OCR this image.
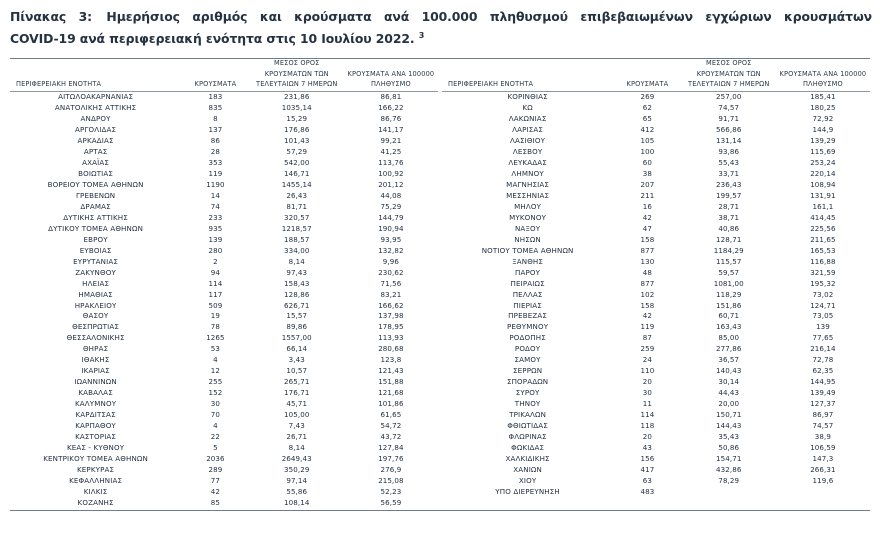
Πίνακας 3: Ημερήσιος αριθμός και κρούσματα ανά 100.000 πληθυσμού επιβεβαιωμένων εγχώριων κρουσμάτων
COVID-19 ανά περιφερειακή ενότητα στις 10 Ιουλίου 2022. $^3$
		ΜΕΣΟΣ ΟΡΟΣ	
		ΚΡΟΥΣΜΑΤΩΝ ΤΩΝ	ΚΡΟΥΣΜΑΤΑ ΑΝΑ 100000
ΠΕΡΙΦΕΡΕΙΑΚΗ ΕΝΟΤΗΤΑ	ΚΡΟΥΣΜΑΤΑ	ΤΕΛΕΥΤΑΙΩΝ 7 ΗΜΕΡΩΝ	ΠΛΗΘΥΣΜΟ
ΑΙΤΩΛΟΑΚΑΡΝΑΝΙΑΣ	183	231,86	86,81
ΑΝΑΤΟΛΙΚΗΣ ΑΤΤΙΚΗΣ	835	1035,14	166,22
ΑΝΔΡΟΥ	8	15,29	86,76
ΑΡΓΟΛΙΔΑΣ	137	176,86	141,17
ΑΡΚΑΔΙΑΣ	86	101,43	99,21
ΑΡΤΑΣ	28	57,29	41,25
ΑΧΑΪΑΣ	353	542,00	113,76
ΒΟΙΩΤΙΑΣ	119	146,71	100,92
ΒΟΡΕΙΟΥ ΤΟΜΕΑ ΑΘΗΝΩΝ	1190	1455,14	201,12
ΓΡΕΒΕΝΩΝ	14	26,43	44,08
ΔΡΑΜΑΣ	74	81,71	75,29
ΔΥΤΙΚΗΣ ΑΤΤΙΚΗΣ	233	320,57	144,79
ΔΥΤΙΚΟΥ ΤΟΜΕΑ ΑΘΗΝΩΝ	935	1218,57	190,94
ΕΒΡΟΥ	139	188,57	93,95
ΕΥΒΟΙΑΣ	280	334,00	132,82
ΕΥΡΥΤΑΝΙΑΣ	2	8,14	9,96
ΖΑΚΥΝΘΟΥ	94	97,43	230,62
ΗΛΕΙΑΣ	114	158,43	71,56
ΗΜΑΘΙΑΣ	117	128,86	83,21
ΗΡΑΚΛΕΙΟΥ	509	626,71	166,62
ΘΑΣΟΥ	19	15,57	137,98
ΘΕΣΠΡΩΤΙΑΣ	78	89,86	178,95
ΘΕΣΣΑΛΟΝΙΚΗΣ	1265	1557,00	113,93
ΘΗΡΑΣ	53	66,14	280,68
ΙΘΑΚΗΣ	4	3,43	123,8
ΙΚΑΡΙΑΣ	12	10,57	121,43
ΙΩΑΝΝΙΝΩΝ	255	265,71	151,88
ΚΑΒΑΛΑΣ	152	176,71	121,68
ΚΑΛΥΜΝΟΥ	30	45,71	101,86
ΚΑΡΔΙΤΣΑΣ	70	105,00	61,65
ΚΑΡΠΑΘΟΥ	4	7,43	54,72
ΚΑΣΤΟΡΙΑΣ	22	26,71	43,72
ΚΕΑΣ - ΚΥΘΝΟΥ	5	8,14	127,84
ΚΕΝΤΡΙΚΟΥ ΤΟΜΕΑ ΑΘΗΝΩΝ	2036	2649,43	197,76
ΚΕΡΚΥΡΑΣ	289	350,29	276,9
ΚΕΦΑΛΛΗΝΙΑΣ	77	97,14	215,08
ΚΙΛΚΙΣ	42	55,86	52,23
ΚΟΖΑΝΗΣ	85	108,14	56,59
		ΜΕΣΟΣ ΟΡΟΣ	
		ΚΡΟΥΣΜΑΤΩΝ ΤΩΝ	ΚΡΟΥΣΜΑΤΑ ΑΝΑ 100000
ΠΕΡΙΦΕΡΕΙΑΚΗ ΕΝΟΤΗΤΑ	ΚΡΟΥΣΜΑΤΑ	ΤΕΛΕΥΤΑΙΩΝ 7 ΗΜΕΡΩΝ	ΠΛΗΘΥΣΜΟ
ΚΟΡΙΝΘΙΑΣ	269	257,00	185,41
ΚΩ	62	74,57	180,25
ΛΑΚΩΝΙΑΣ	65	91,71	72,92
ΛΑΡΙΣΑΣ	412	566,86	144,9
ΛΑΣΙΘΙΟΥ	105	131,14	139,29
ΛΕΣΒΟΥ	100	93,86	115,69
ΛΕΥΚΑΔΑΣ	60	55,43	253,24
ΛΗΜΝΟΥ	38	33,71	220,14
ΜΑΓΝΗΣΙΑΣ	207	236,43	108,94
ΜΕΣΣΗΝΙΑΣ	211	199,57	131,91
ΜΗΛΟΥ	16	28,71	161,1
ΜΥΚΟΝΟΥ	42	38,71	414,45
ΝΑΞΟΥ	47	40,86	225,56
ΝΗΣΩΝ	158	128,71	211,65
ΝΟΤΙΟΥ ΤΟΜΕΑ ΑΘΗΝΩΝ	877	1184,29	165,53
ΞΑΝΘΗΣ	130	115,57	116,88
ΠΑΡΟΥ	48	59,57	321,59
ΠΕΙΡΑΙΩΣ	877	1081,00	195,32
ΠΕΛΛΑΣ	102	118,29	73,02
ΠΙΕΡΙΑΣ	158	151,86	124,71
ΠΡΕΒΕΖΑΣ	42	60,71	73,05
ΡΕΘΥΜΝΟΥ	119	163,43	139
ΡΟΔΟΠΗΣ	87	85,00	77,65
ΡΟΔΟΥ	259	277,86	216,14
ΣΑΜΟΥ	24	36,57	72,78
ΣΕΡΡΩΝ	110	140,43	62,35
ΣΠΟΡΑΔΩΝ	20	30,14	144,95
ΣΥΡΟΥ	30	44,43	139,49
ΤΗΝΟΥ	11	20,00	127,37
ΤΡΙΚΑΛΩΝ	114	150,71	86,97
ΦΘΙΩΤΙΔΑΣ	118	144,43	74,57
ΦΛΩΡΙΝΑΣ	20	35,43	38,9
ΦΩΚΙΔΑΣ	43	50,86	106,59
ΧΑΛΚΙΔΙΚΗΣ	156	154,71	147,3
ΧΑΝΙΩΝ	417	432,86	266,31
ΧΙΟΥ	63	78,29	119,6
ΥΠΟ ΔΙΕΡΕΥΝΗΣΗ	483		
